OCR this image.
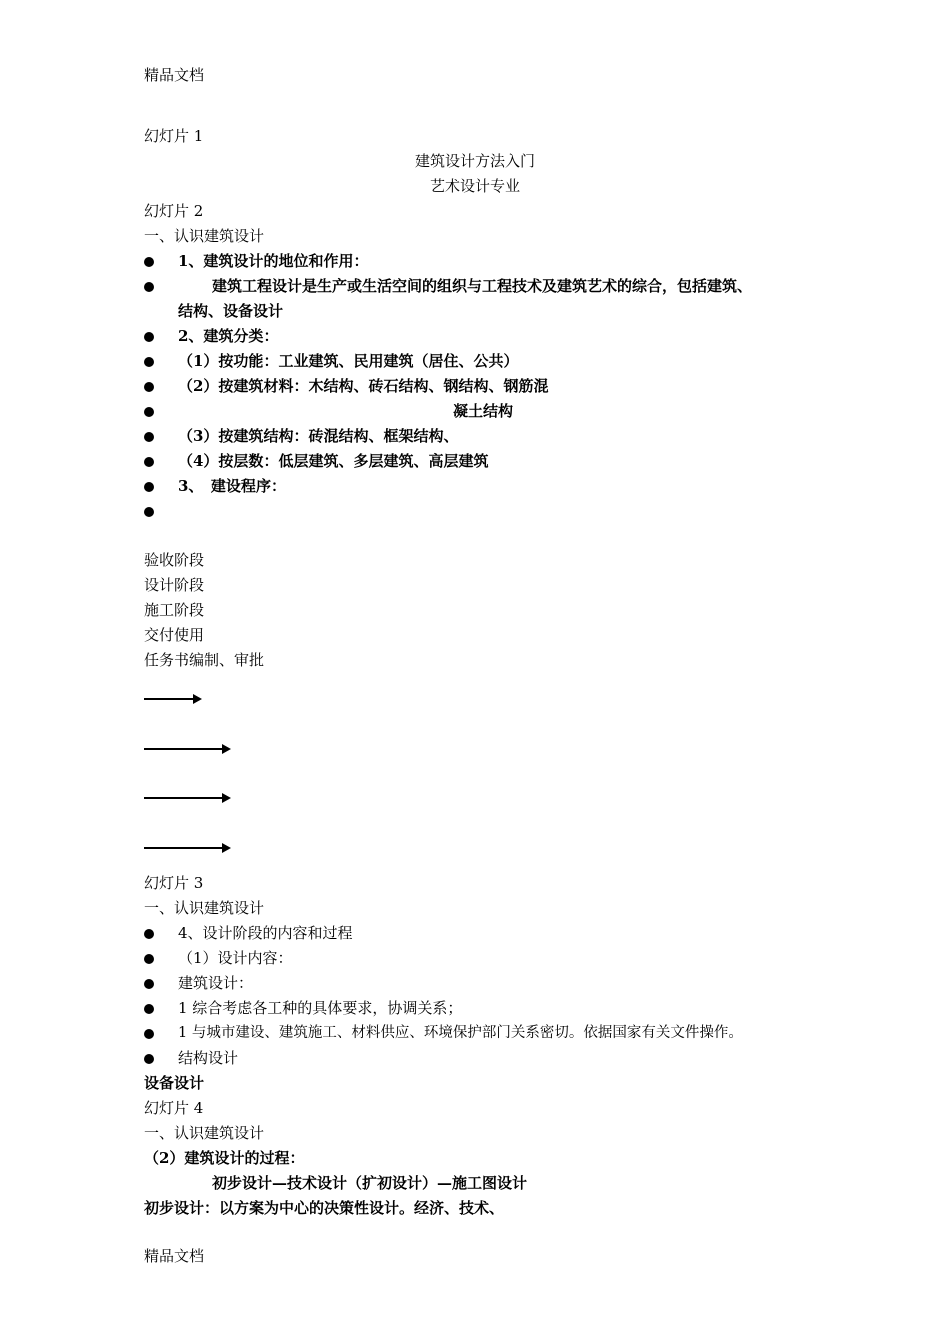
精品文档
幻灯片 1
建筑设计方法入门
艺术设计专业
幻灯片 2
一、认识建筑设计
1、建筑设计的地位和作用：
建筑工程设计是生产或生活空间的组织与工程技术及建筑艺术的综合，包括建筑、
结构、设备设计
2、建筑分类：
（1）按功能：工业建筑、民用建筑（居住、公共）
（2）按建筑材料：木结构、砖石结构、钢结构、钢筋混
凝土结构
（3）按建筑结构：砖混结构、框架结构、
（4）按层数：低层建筑、多层建筑、高层建筑
3、　建设程序：
验收阶段
设计阶段
施工阶段
交付使用
任务书编制、审批
幻灯片 3
一、认识建筑设计
4、设计阶段的内容和过程
（1）设计内容：
建筑设计：
1 综合考虑各工种的具体要求，协调关系；
1 与城市建设、建筑施工、材料供应、环境保护部门关系密切。依据国家有关文件操作。
结构设计
设备设计
幻灯片 4
一、认识建筑设计
（2）建筑设计的过程：
初步设计—技术设计（扩初设计）—施工图设计
初步设计：以方案为中心的决策性设计。经济、技术、
精品文档
